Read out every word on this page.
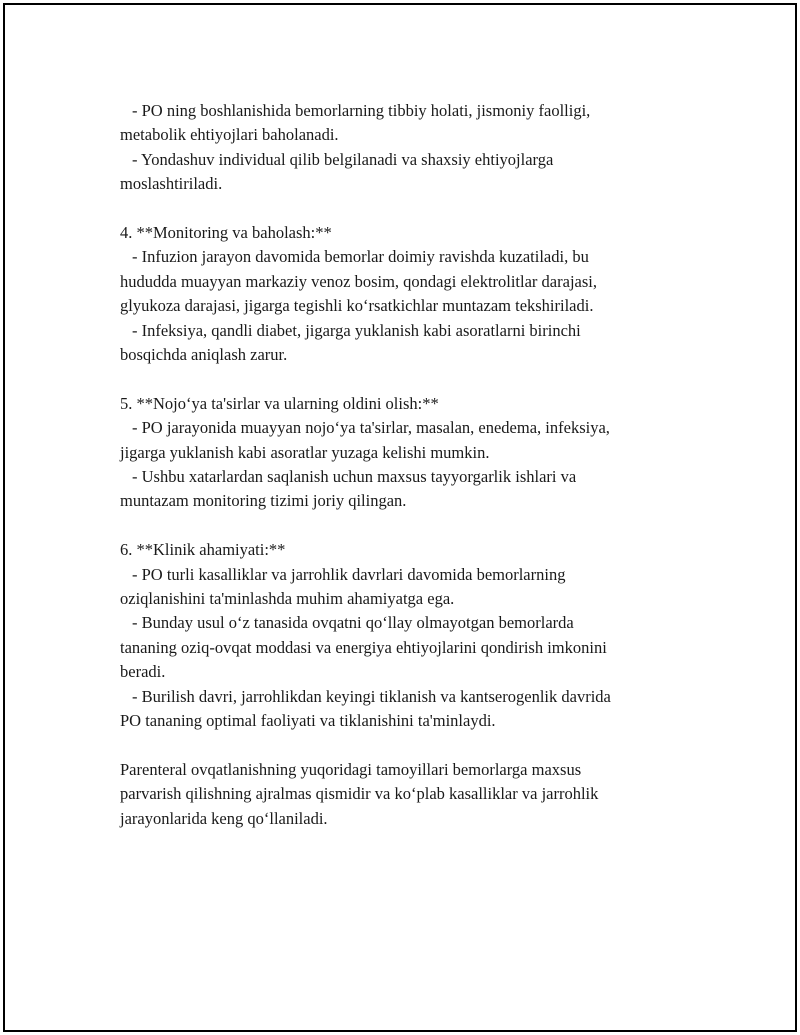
- PO ning boshlanishida bemorlarning tibbiy holati, jismoniy faolligi,

metabolik ehtiyojlari baholanadi.

- Yondashuv individual qilib belgilanadi va shaxsiy ehtiyojlarga

moslashtiriladi.

4. **Monitoring va baholash:**

- Infuzion jarayon davomida bemorlar doimiy ravishda kuzatiladi, bu

hududda muayyan markaziy venoz bosim, qondagi elektrolitlar darajasi,

glyukoza darajasi, jigarga tegishli koʻrsatkichlar muntazam tekshiriladi.

- Infeksiya, qandli diabet, jigarga yuklanish kabi asoratlarni birinchi

bosqichda aniqlash zarur.

5. **Nojoʻya ta'sirlar va ularning oldini olish:**

- PO jarayonida muayyan nojoʻya ta'sirlar, masalan, enedema, infeksiya,

jigarga yuklanish kabi asoratlar yuzaga kelishi mumkin.

- Ushbu xatarlardan saqlanish uchun maxsus tayyorgarlik ishlari va

muntazam monitoring tizimi joriy qilingan.

6. **Klinik ahamiyati:**

- PO turli kasalliklar va jarrohlik davrlari davomida bemorlarning

oziqlanishini ta'minlashda muhim ahamiyatga ega.

- Bunday usul oʻz tanasida ovqatni qoʻllay olmayotgan bemorlarda

tananing oziq-ovqat moddasi va energiya ehtiyojlarini qondirish imkonini

beradi.

- Burilish davri, jarrohlikdan keyingi tiklanish va kantserogenlik davrida

PO tananing optimal faoliyati va tiklanishini ta'minlaydi.

Parenteral ovqatlanishning yuqoridagi tamoyillari bemorlarga maxsus

parvarish qilishning ajralmas qismidir va koʻplab kasalliklar va jarrohlik

jarayonlarida keng qoʻllaniladi.
